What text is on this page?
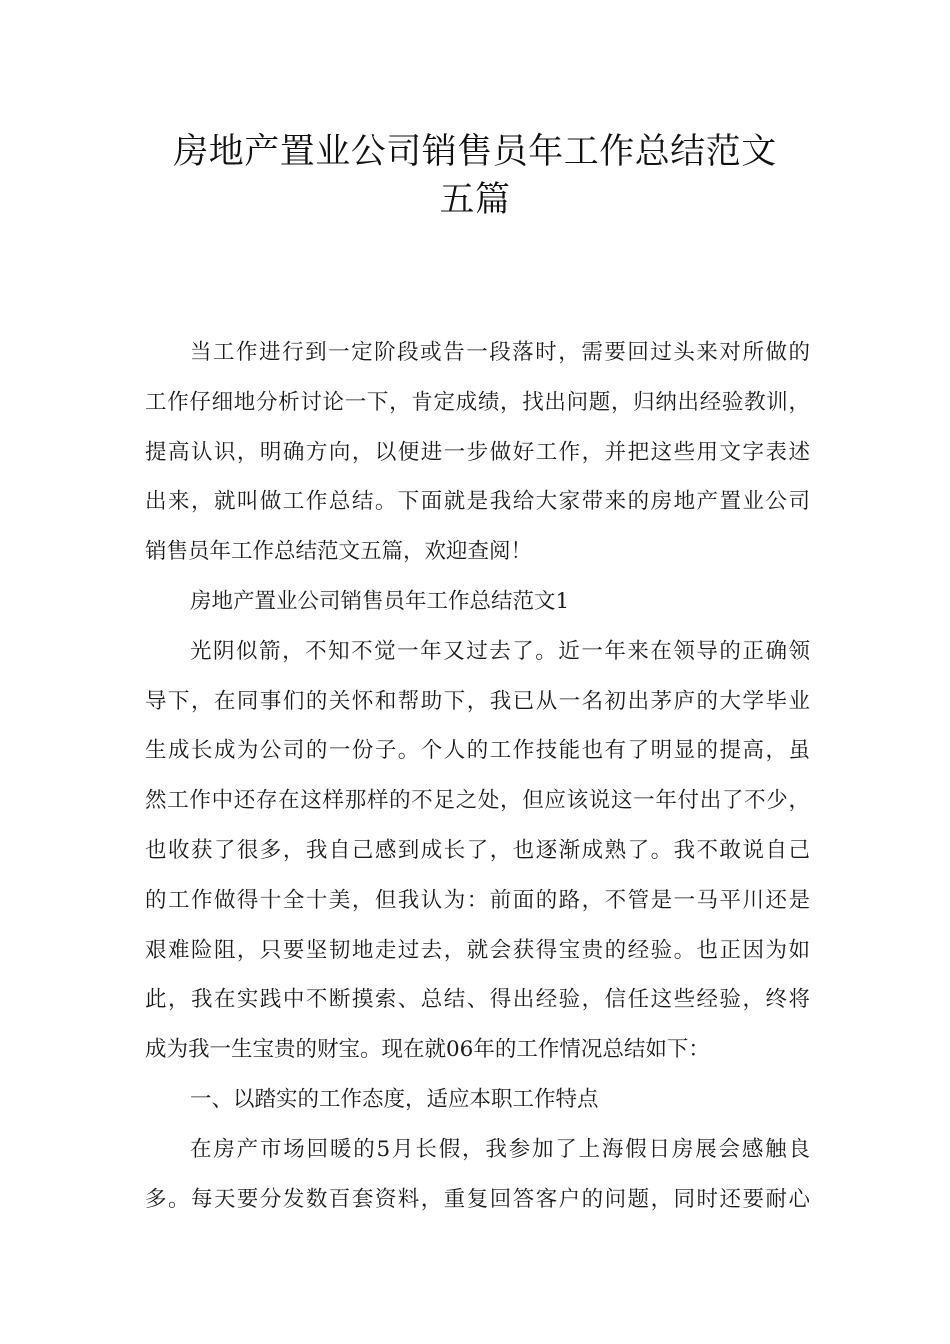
房地产置业公司销售员年工作总结范文
五篇
当工作进行到一定阶段或告一段落时，需要回过头来对所做的
工作仔细地分析讨论一下，肯定成绩，找出问题，归纳出经验教训，
提高认识，明确方向，以便进一步做好工作，并把这些用文字表述
出来，就叫做工作总结。下面就是我给大家带来的房地产置业公司
销售员年工作总结范文五篇，欢迎查阅！
房地产置业公司销售员年工作总结范文1
光阴似箭，不知不觉一年又过去了。近一年来在领导的正确领
导下，在同事们的关怀和帮助下，我已从一名初出茅庐的大学毕业
生成长成为公司的一份子。个人的工作技能也有了明显的提高，虽
然工作中还存在这样那样的不足之处，但应该说这一年付出了不少，
也收获了很多，我自己感到成长了，也逐渐成熟了。我不敢说自己
的工作做得十全十美，但我认为：前面的路，不管是一马平川还是
艰难险阻，只要坚韧地走过去，就会获得宝贵的经验。也正因为如
此，我在实践中不断摸索、总结、得出经验，信任这些经验，终将
成为我一生宝贵的财宝。现在就06年的工作情况总结如下：
一、以踏实的工作态度，适应本职工作特点
在房产市场回暖的5月长假，我参加了上海假日房展会感触良
多。每天要分发数百套资料，重复回答客户的问题，同时还要耐心
